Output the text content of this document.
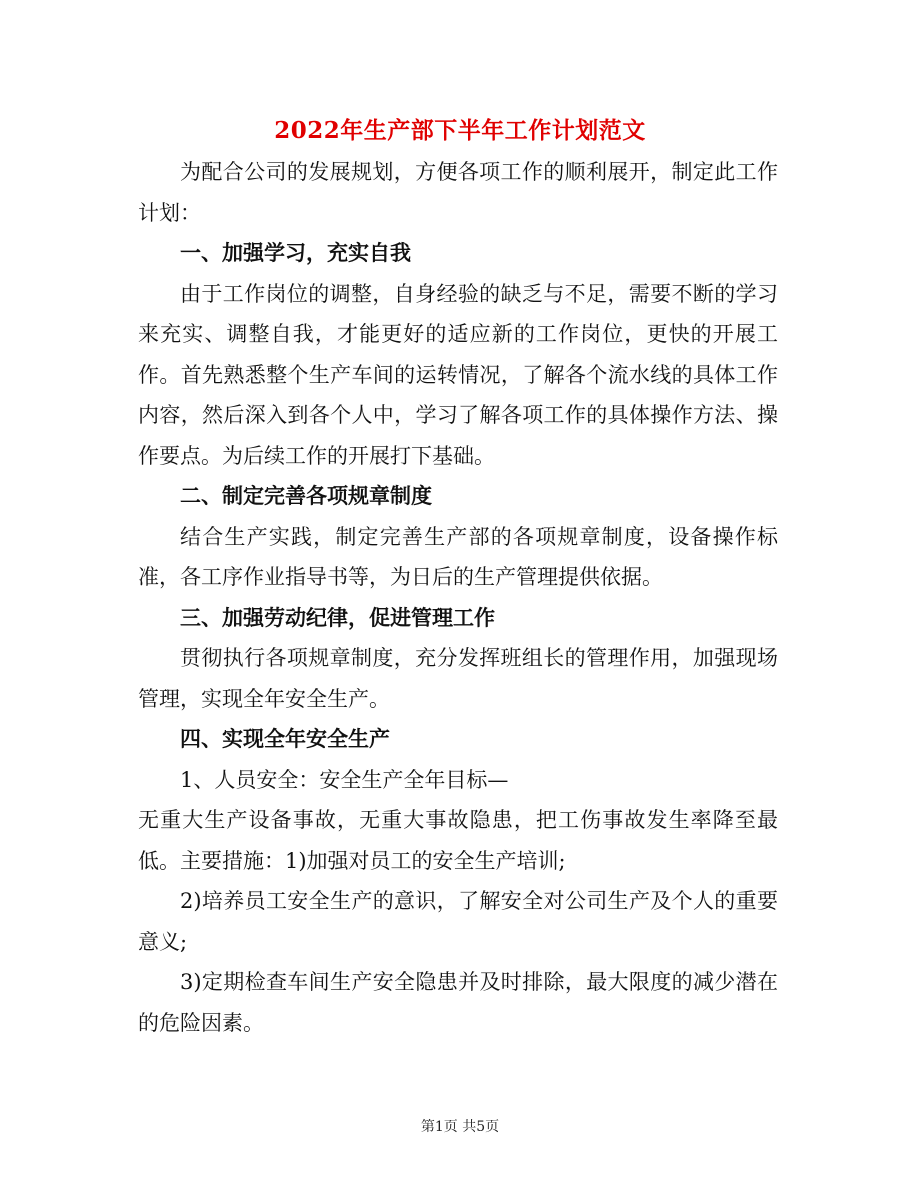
2022年生产部下半年工作计划范文

为配合公司的发展规划，方便各项工作的顺利展开，制定此工作计划：

一、加强学习，充实自我

由于工作岗位的调整，自身经验的缺乏与不足，需要不断的学习来充实、调整自我，才能更好的适应新的工作岗位，更快的开展工作。首先熟悉整个生产车间的运转情况，了解各个流水线的具体工作内容，然后深入到各个人中，学习了解各项工作的具体操作方法、操作要点。为后续工作的开展打下基础。

二、制定完善各项规章制度

结合生产实践，制定完善生产部的各项规章制度，设备操作标准，各工序作业指导书等，为日后的生产管理提供依据。

三、加强劳动纪律，促进管理工作

贯彻执行各项规章制度，充分发挥班组长的管理作用，加强现场管理，实现全年安全生产。

四、实现全年安全生产

1、人员安全：安全生产全年目标—

无重大生产设备事故，无重大事故隐患，把工伤事故发生率降至最低。主要措施：1)加强对员工的安全生产培训;

2)培养员工安全生产的意识，了解安全对公司生产及个人的重要意义;

3)定期检查车间生产安全隐患并及时排除，最大限度的减少潜在的危险因素。

第1页 共5页
